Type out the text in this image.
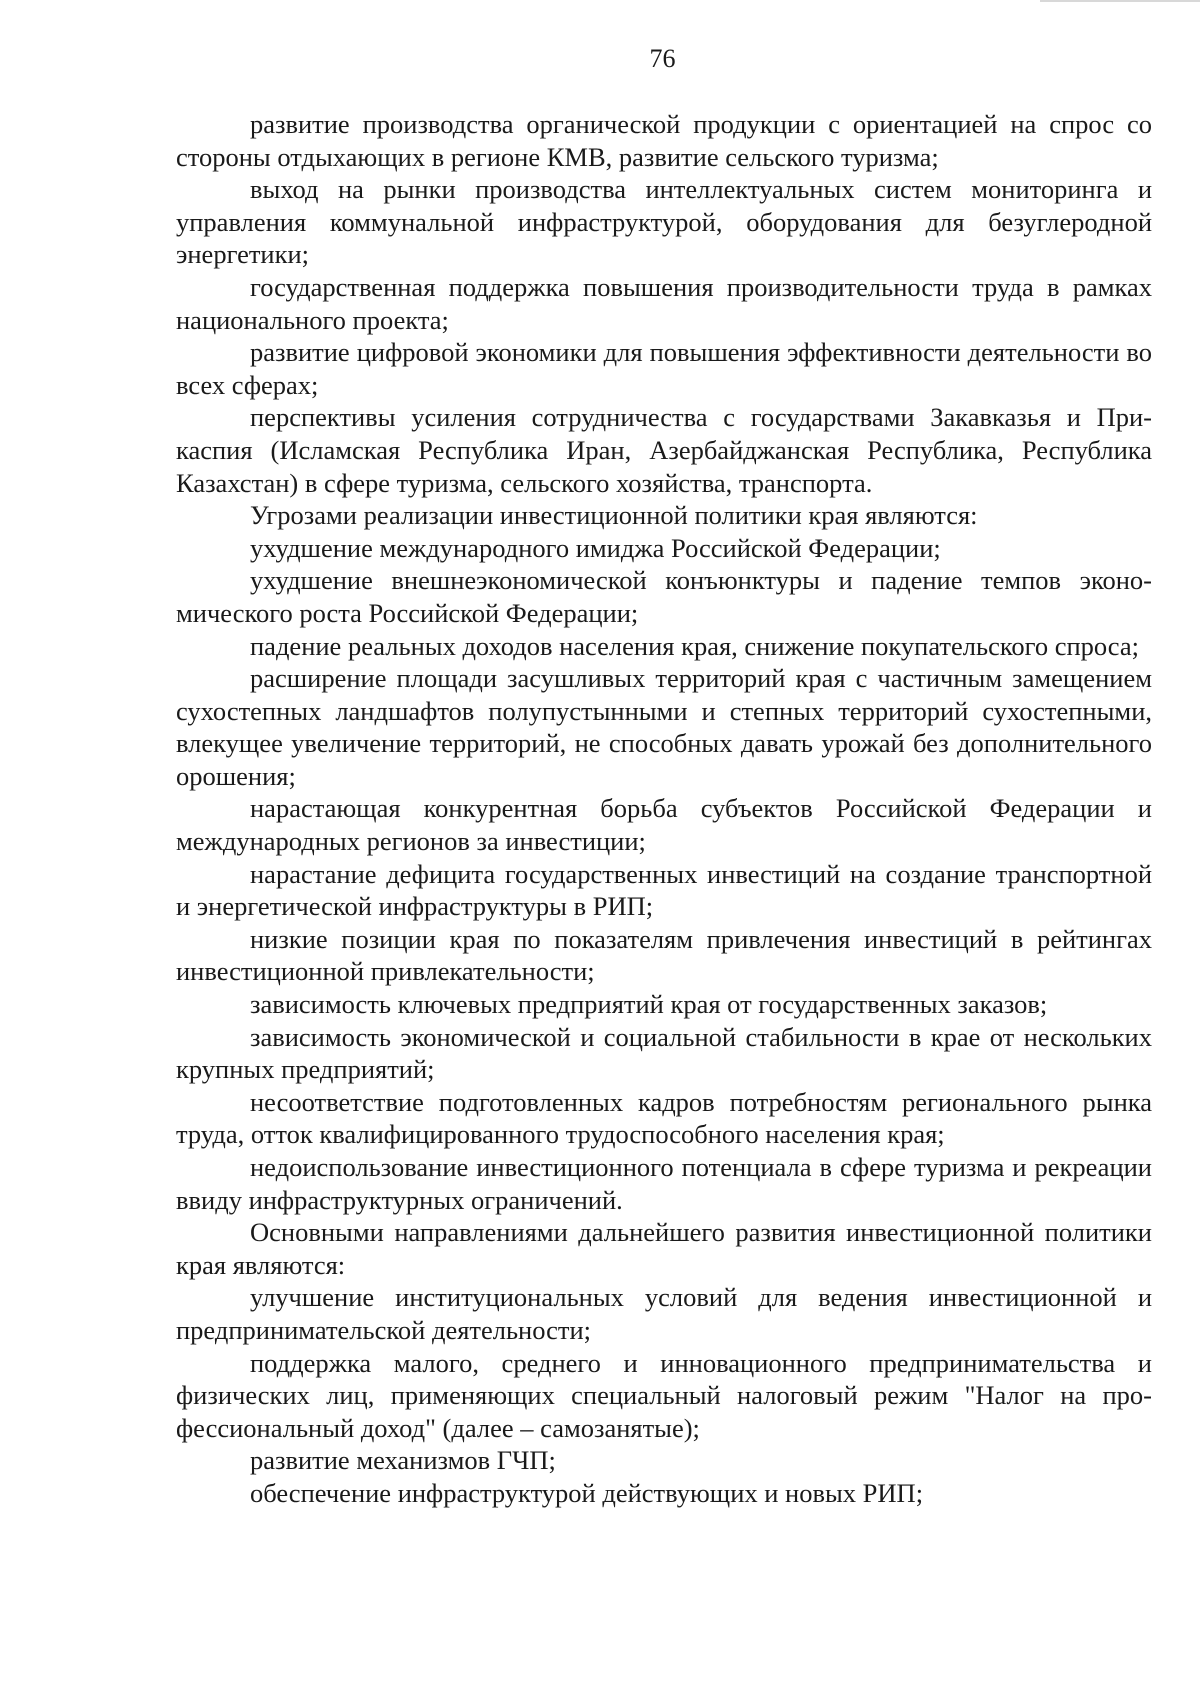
76

развитие производства органической продукции с ориентацией на спрос со стороны отдыхающих в регионе КМВ, развитие сельского туризма;

выход на рынки производства интеллектуальных систем мониторинга и управления коммунальной инфраструктурой, оборудования для безуглеродной энергетики;

государственная поддержка повышения производительности труда в рамках национального проекта;

развитие цифровой экономики для повышения эффективности деятельности во всех сферах;

перспективы усиления сотрудничества с государствами Закавказья и Прикаспия (Исламская Республика Иран, Азербайджанская Республика, Республика Казахстан) в сфере туризма, сельского хозяйства, транспорта.

Угрозами реализации инвестиционной политики края являются:

ухудшение международного имиджа Российской Федерации;

ухудшение внешнеэкономической конъюнктуры и падение темпов экономического роста Российской Федерации;

падение реальных доходов населения края, снижение покупательского спроса;

расширение площади засушливых территорий края с частичным замещением сухостепных ландшафтов полупустынными и степных территорий сухостепными, влекущее увеличение территорий, не способных давать урожай без дополнительного орошения;

нарастающая конкурентная борьба субъектов Российской Федерации и международных регионов за инвестиции;

нарастание дефицита государственных инвестиций на создание транспортной и энергетической инфраструктуры в РИП;

низкие позиции края по показателям привлечения инвестиций в рейтингах инвестиционной привлекательности;

зависимость ключевых предприятий края от государственных заказов;

зависимость экономической и социальной стабильности в крае от нескольких крупных предприятий;

несоответствие подготовленных кадров потребностям регионального рынка труда, отток квалифицированного трудоспособного населения края;

недоиспользование инвестиционного потенциала в сфере туризма и рекреации ввиду инфраструктурных ограничений.

Основными направлениями дальнейшего развития инвестиционной политики края являются:

улучшение институциональных условий для ведения инвестиционной и предпринимательской деятельности;

поддержка малого, среднего и инновационного предпринимательства и физических лиц, применяющих специальный налоговый режим "Налог на профессиональный доход" (далее – самозанятые);

развитие механизмов ГЧП;

обеспечение инфраструктурой действующих и новых РИП;
